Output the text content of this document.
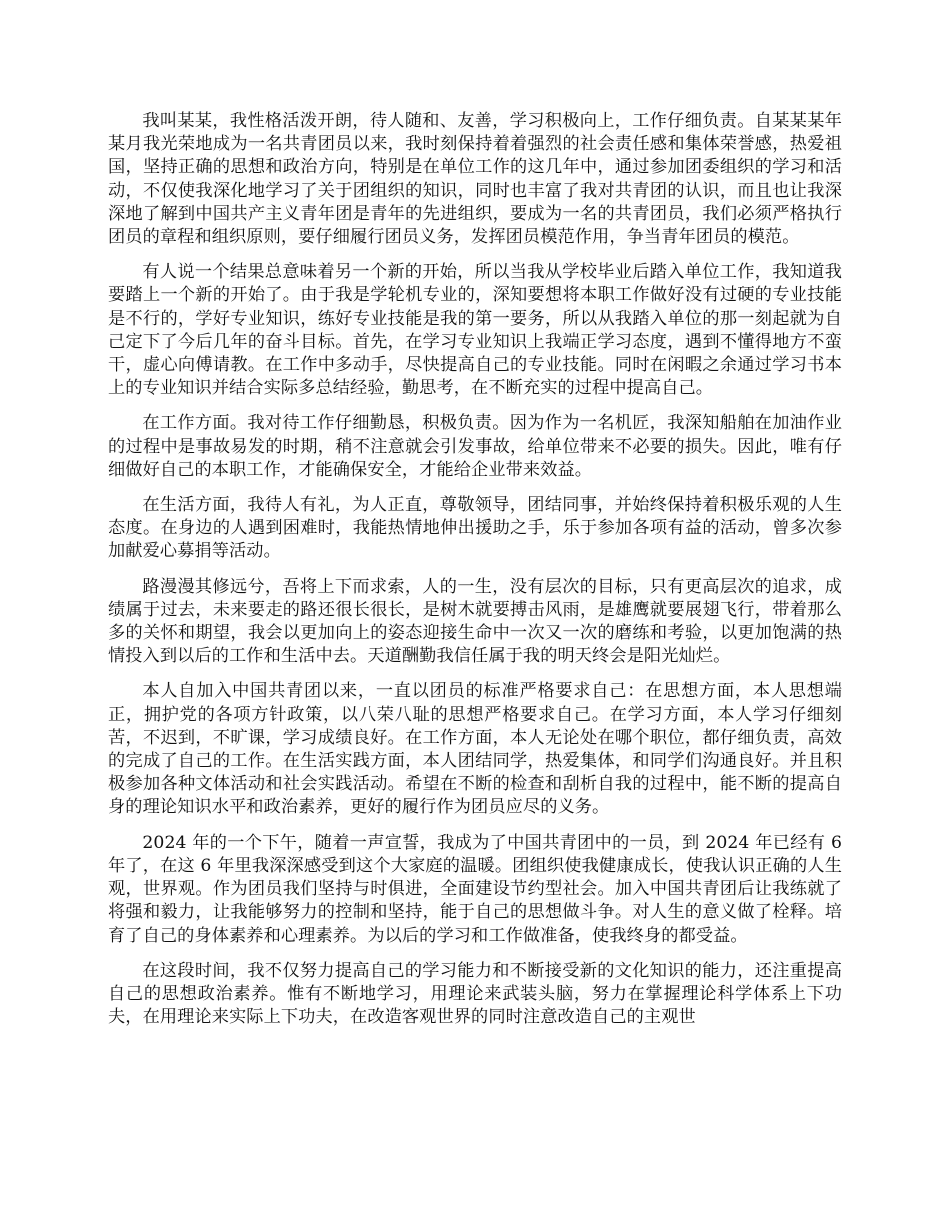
我叫某某，我性格活泼开朗，待人随和、友善，学习积极向上，工作仔细负责。自某某某年某月我光荣地成为一名共青团员以来，我时刻保持着着强烈的社会责任感和集体荣誉感，热爱祖国，坚持正确的思想和政治方向，特别是在单位工作的这几年中，通过参加团委组织的学习和活动，不仅使我深化地学习了关于团组织的知识，同时也丰富了我对共青团的认识，而且也让我深深地了解到中国共产主义青年团是青年的先进组织，要成为一名的共青团员，我们必须严格执行团员的章程和组织原则，要仔细履行团员义务，发挥团员模范作用，争当青年团员的模范。

有人说一个结果总意味着另一个新的开始，所以当我从学校毕业后踏入单位工作，我知道我要踏上一个新的开始了。由于我是学轮机专业的，深知要想将本职工作做好没有过硬的专业技能是不行的，学好专业知识，练好专业技能是我的第一要务，所以从我踏入单位的那一刻起就为自己定下了今后几年的奋斗目标。首先，在学习专业知识上我端正学习态度，遇到不懂得地方不蛮干，虚心向傅请教。在工作中多动手，尽快提高自己的专业技能。同时在闲暇之余通过学习书本上的专业知识并结合实际多总结经验，勤思考，在不断充实的过程中提高自己。

在工作方面。我对待工作仔细勤恳，积极负责。因为作为一名机匠，我深知船舶在加油作业的过程中是事故易发的时期，稍不注意就会引发事故，给单位带来不必要的损失。因此，唯有仔细做好自己的本职工作，才能确保安全，才能给企业带来效益。

在生活方面，我待人有礼，为人正直，尊敬领导，团结同事，并始终保持着积极乐观的人生态度。在身边的人遇到困难时，我能热情地伸出援助之手，乐于参加各项有益的活动，曾多次参加献爱心募捐等活动。

路漫漫其修远兮，吾将上下而求索，人的一生，没有层次的目标，只有更高层次的追求，成绩属于过去，未来要走的路还很长很长，是树木就要搏击风雨，是雄鹰就要展翅飞行，带着那么多的关怀和期望，我会以更加向上的姿态迎接生命中一次又一次的磨练和考验，以更加饱满的热情投入到以后的工作和生活中去。天道酬勤我信任属于我的明天终会是阳光灿烂。

本人自加入中国共青团以来，一直以团员的标准严格要求自己：在思想方面，本人思想端正，拥护党的各项方针政策，以八荣八耻的思想严格要求自己。在学习方面，本人学习仔细刻苦，不迟到，不旷课，学习成绩良好。在工作方面，本人无论处在哪个职位，都仔细负责，高效的完成了自己的工作。在生活实践方面，本人团结同学，热爱集体，和同学们沟通良好。并且积极参加各种文体活动和社会实践活动。希望在不断的检查和刮析自我的过程中，能不断的提高自身的理论知识水平和政治素养，更好的履行作为团员应尽的义务。

2024 年的一个下午，随着一声宣誓，我成为了中国共青团中的一员，到 2024 年已经有 6 年了，在这 6 年里我深深感受到这个大家庭的温暖。团组织使我健康成长，使我认识正确的人生观，世界观。作为团员我们坚持与时俱进，全面建设节约型社会。加入中国共青团后让我练就了将强和毅力，让我能够努力的控制和坚持，能于自己的思想做斗争。对人生的意义做了栓释。培育了自己的身体素养和心理素养。为以后的学习和工作做准备，使我终身的都受益。

在这段时间，我不仅努力提高自己的学习能力和不断接受新的文化知识的能力，还注重提高自己的思想政治素养。惟有不断地学习，用理论来武装头脑，努力在掌握理论科学体系上下功夫，在用理论来实际上下功夫，在改造客观世界的同时注意改造自己的主观世
